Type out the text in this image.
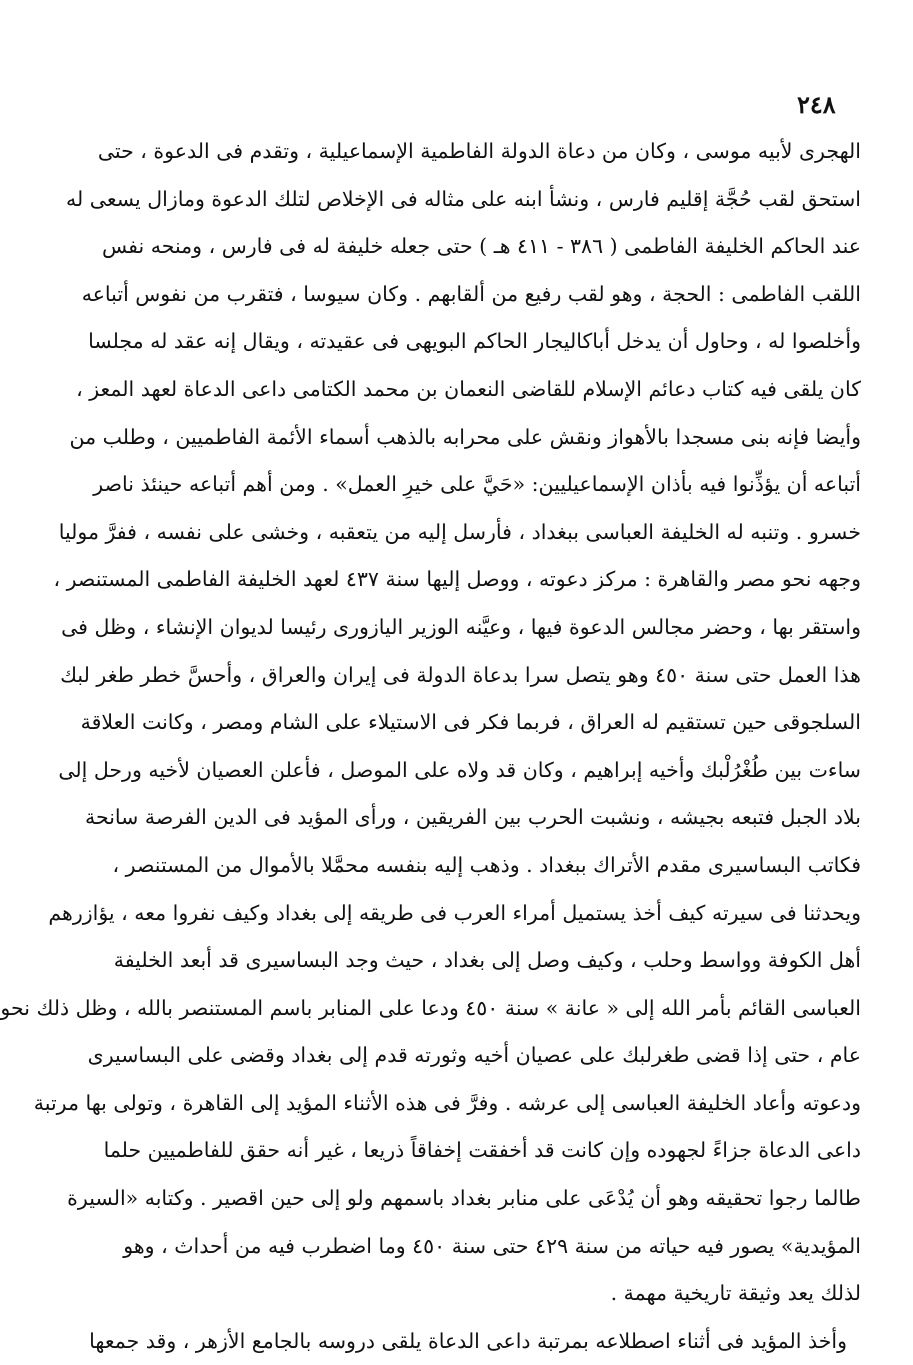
٢٤٨
الهجرى لأبيه موسى ، وكان من دعاة الدولة الفاطمية الإسماعيلية ، وتقدم فى الدعوة ، حتى
استحق لقب حُجَّة إقليم فارس ، ونشأ ابنه على مثاله فى الإخلاص لتلك الدعوة ومازال يسعى له
عند الحاكم الخليفة الفاطمى ( ٣٨٦ - ٤١١ هـ ) حتى جعله خليفة له فى فارس ، ومنحه نفس
اللقب الفاطمى : الحجة ، وهو لقب رفيع من ألقابهم . وكان سيوسا ، فتقرب من نفوس أتباعه
وأخلصوا له ، وحاول أن يدخل أباكاليجار الحاكم البويهى فى عقيدته ، ويقال إنه عقد له مجلسا
كان يلقى فيه كتاب دعائم الإسلام للقاضى النعمان بن محمد الكتامى داعى الدعاة لعهد المعز ،
وأيضا فإنه بنى مسجدا بالأهواز ونقش على محرابه بالذهب أسماء الأئمة الفاطميين ، وطلب من
أتباعه أن يؤذِّنوا فيه بأذان الإسماعيليين: «حَيَّ على خيرِ العمل» . ومن أهم أتباعه حينئذ ناصر
خسرو . وتنبه له الخليفة العباسى ببغداد ، فأرسل إليه من يتعقبه ، وخشى على نفسه ، ففرَّ موليا
وجهه نحو مصر والقاهرة : مركز دعوته ، ووصل إليها سنة ٤٣٧ لعهد الخليفة الفاطمى المستنصر ،
واستقر بها ، وحضر مجالس الدعوة فيها ، وعيَّنه الوزير اليازورى رئيسا لديوان الإنشاء ، وظل فى
هذا العمل حتى سنة ٤٥٠ وهو يتصل سرا بدعاة الدولة فى إيران والعراق ، وأحسَّ خطر طغر لبك
السلجوقى حين تستقيم له العراق ، فربما فكر فى الاستيلاء على الشام ومصر ، وكانت العلاقة
ساءت بين طُغْرُلْبك وأخيه إبراهيم ، وكان قد ولاه على الموصل ، فأعلن العصيان لأخيه ورحل إلى
بلاد الجبل فتبعه بجيشه ، ونشبت الحرب بين الفريقين ، ورأى المؤيد فى الدين الفرصة سانحة
فكاتب البساسيرى مقدم الأتراك ببغداد . وذهب إليه بنفسه محمَّلا بالأموال من المستنصر ،
ويحدثنا فى سيرته كيف أخذ يستميل أمراء العرب فى طريقه إلى بغداد وكيف نفروا معه ، يؤازرهم
أهل الكوفة وواسط وحلب ، وكيف وصل إلى بغداد ، حيث وجد البساسيرى قد أبعد الخليفة
العباسى القائم بأمر الله إلى « عانة » سنة ٤٥٠ ودعا على المنابر باسم المستنصر بالله ، وظل ذلك نحو
عام ، حتى إذا قضى طغرلبك على عصيان أخيه وثورته قدم إلى بغداد وقضى على البساسيرى
ودعوته وأعاد الخليفة العباسى إلى عرشه . وفرَّ فى هذه الأثناء المؤيد إلى القاهرة ، وتولى بها مرتبة
داعى الدعاة جزاءً لجهوده وإن كانت قد أخفقت إخفاقاً ذريعا ، غير أنه حقق للفاطميين حلما
طالما رجوا تحقيقه وهو أن يُدْعَى على منابر بغداد باسمهم ولو إلى حين اقصير . وكتابه «السيرة
المؤيدية» يصور فيه حياته من سنة ٤٢٩ حتى سنة ٤٥٠ وما اضطرب فيه من أحداث ، وهو
لذلك يعد وثيقة تاريخية مهمة .
وأخذ المؤيد فى أثناء اصطلاعه بمرتبة داعى الدعاة يلقى دروسه بالجامع الأزهر ، وقد جمعها
